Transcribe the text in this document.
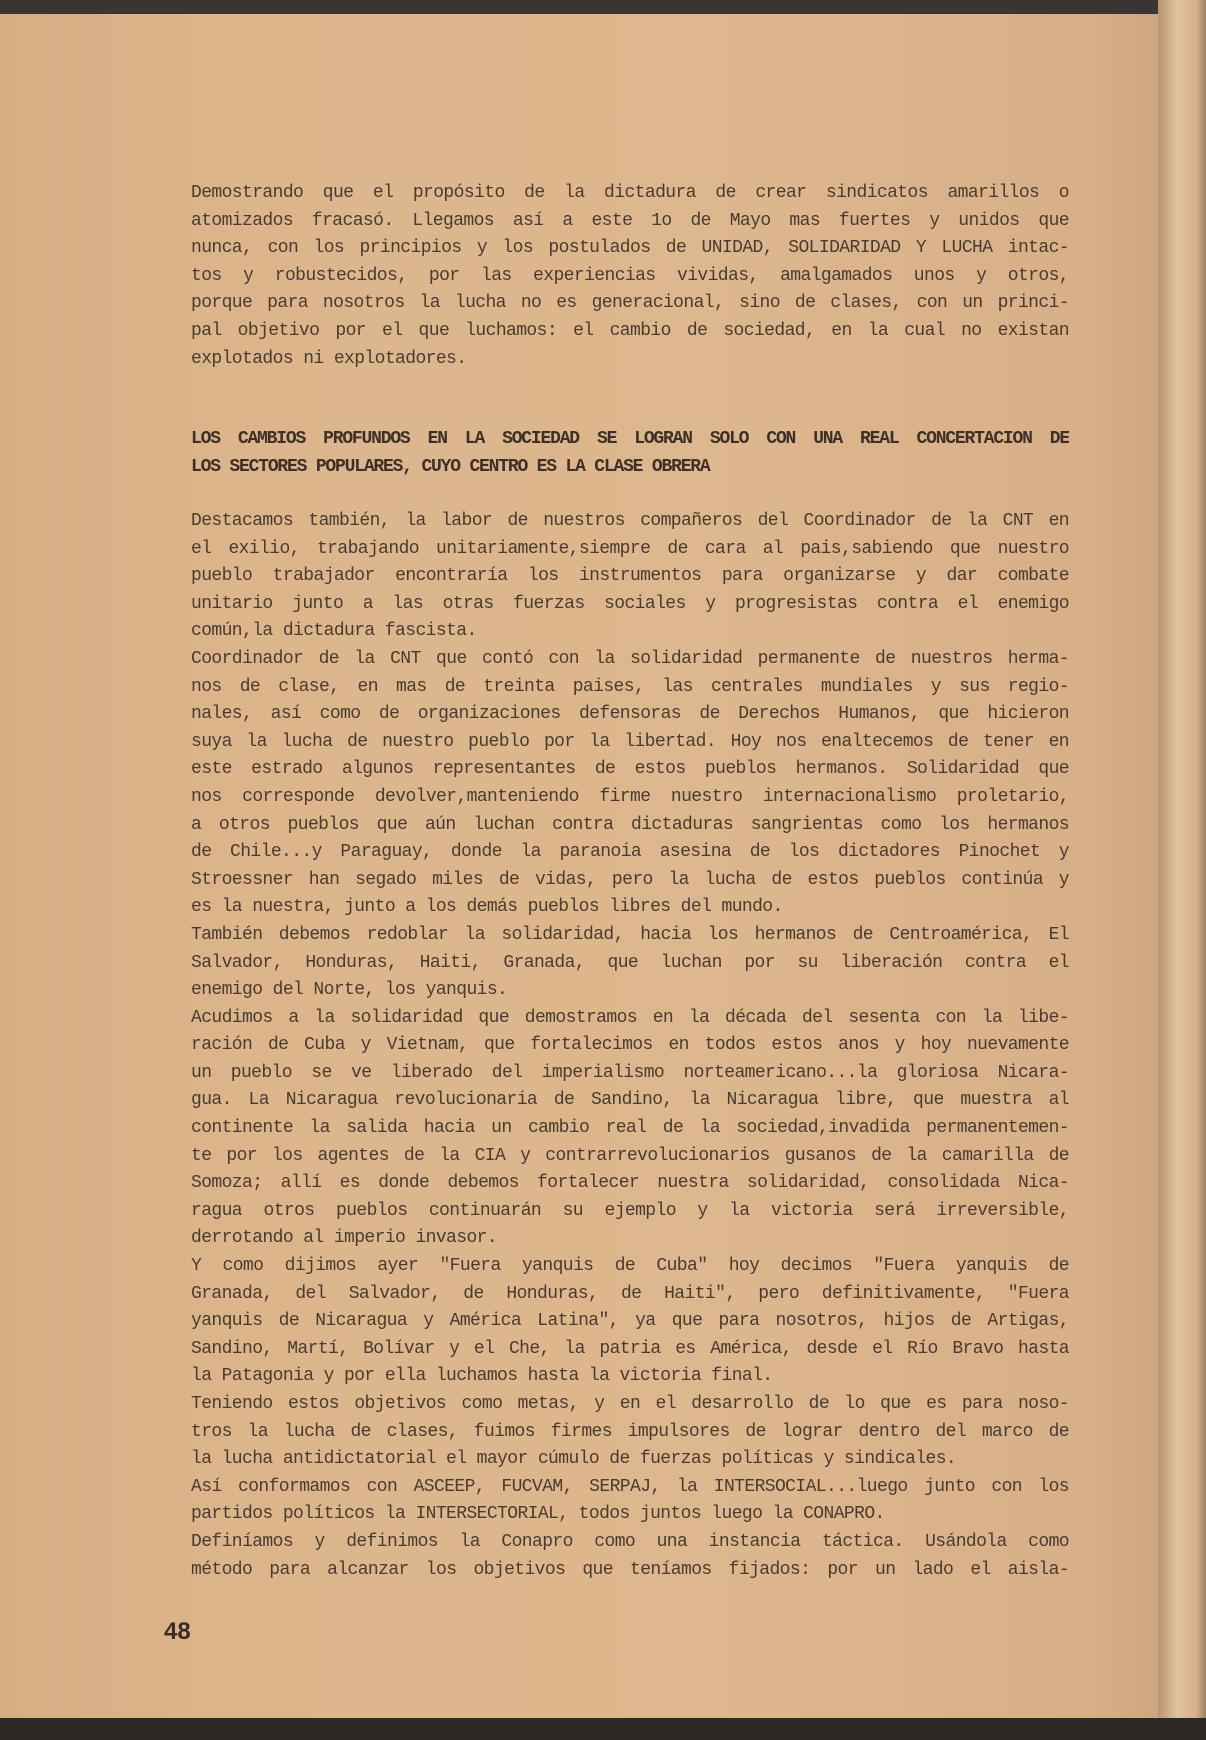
Demostrando que el propósito de la dictadura de crear sindicatos amarillos o
atomizados fracasó. Llegamos así a este 1o de Mayo mas fuertes y unidos que
nunca, con los principios y los postulados de UNIDAD, SOLIDARIDAD Y LUCHA intac-
tos y robustecidos, por las experiencias vividas, amalgamados unos y otros,
porque para nosotros la lucha no es generacional, sino de clases, con un princi-
pal objetivo por el que luchamos: el cambio de sociedad, en la cual no existan
explotados ni explotadores.
LOS CAMBIOS PROFUNDOS EN LA SOCIEDAD SE LOGRAN SOLO CON UNA REAL CONCERTACION DE
LOS SECTORES POPULARES, CUYO CENTRO ES LA CLASE OBRERA
Destacamos también, la labor de nuestros compañeros del Coordinador de la CNT en
el exilio, trabajando unitariamente,siempre de cara al pais,sabiendo que nuestro
pueblo trabajador encontraría los instrumentos para organizarse y dar combate
unitario junto a las otras fuerzas sociales y progresistas contra el enemigo
común,la dictadura fascista.
Coordinador de la CNT que contó con la solidaridad permanente de nuestros herma-
nos de clase, en mas de treinta paises, las centrales mundiales y sus regio-
nales, así como de organizaciones defensoras de Derechos Humanos, que hicieron
suya la lucha de nuestro pueblo por la libertad. Hoy nos enaltecemos de tener en
este estrado algunos representantes de estos pueblos hermanos. Solidaridad que
nos corresponde devolver,manteniendo firme nuestro internacionalismo proletario,
a otros pueblos que aún luchan contra dictaduras sangrientas como los hermanos
de Chile...y Paraguay, donde la paranoia asesina de los dictadores Pinochet y
Stroessner han segado miles de vidas, pero la lucha de estos pueblos continúa y
es la nuestra, junto a los demás pueblos libres del mundo.
También debemos redoblar la solidaridad, hacia los hermanos de Centroamérica, El
Salvador, Honduras, Haiti, Granada, que luchan por su liberación contra el
enemigo del Norte, los yanquis.
Acudimos a la solidaridad que demostramos en la década del sesenta con la libe-
ración de Cuba y Vietnam, que fortalecimos en todos estos anos y hoy nuevamente
un pueblo se ve liberado del imperialismo norteamericano...la gloriosa Nicara-
gua. La Nicaragua revolucionaria de Sandino, la Nicaragua libre, que muestra al
continente la salida hacia un cambio real de la sociedad,invadida permanentemen-
te por los agentes de la CIA y contrarrevolucionarios gusanos de la camarilla de
Somoza; allí es donde debemos fortalecer nuestra solidaridad, consolidada Nica-
ragua otros pueblos continuarán su ejemplo y la victoria será irreversible,
derrotando al imperio invasor.
Y como dijimos ayer "Fuera yanquis de Cuba" hoy decimos "Fuera yanquis de
Granada, del Salvador, de Honduras, de Haiti", pero definitivamente, "Fuera
yanquis de Nicaragua y América Latina", ya que para nosotros, hijos de Artigas,
Sandino, Martí, Bolívar y el Che, la patria es América, desde el Río Bravo hasta
la Patagonia y por ella luchamos hasta la victoria final.
Teniendo estos objetivos como metas, y en el desarrollo de lo que es para noso-
tros la lucha de clases, fuimos firmes impulsores de lograr dentro del marco de
la lucha antidictatorial el mayor cúmulo de fuerzas políticas y sindicales.
Así conformamos con ASCEEP, FUCVAM, SERPAJ, la INTERSOCIAL...luego junto con los
partidos políticos la INTERSECTORIAL, todos juntos luego la CONAPRO.
Definíamos y definimos la Conapro como una instancia táctica. Usándola como
método para alcanzar los objetivos que teníamos fijados: por un lado el aisla-
48
